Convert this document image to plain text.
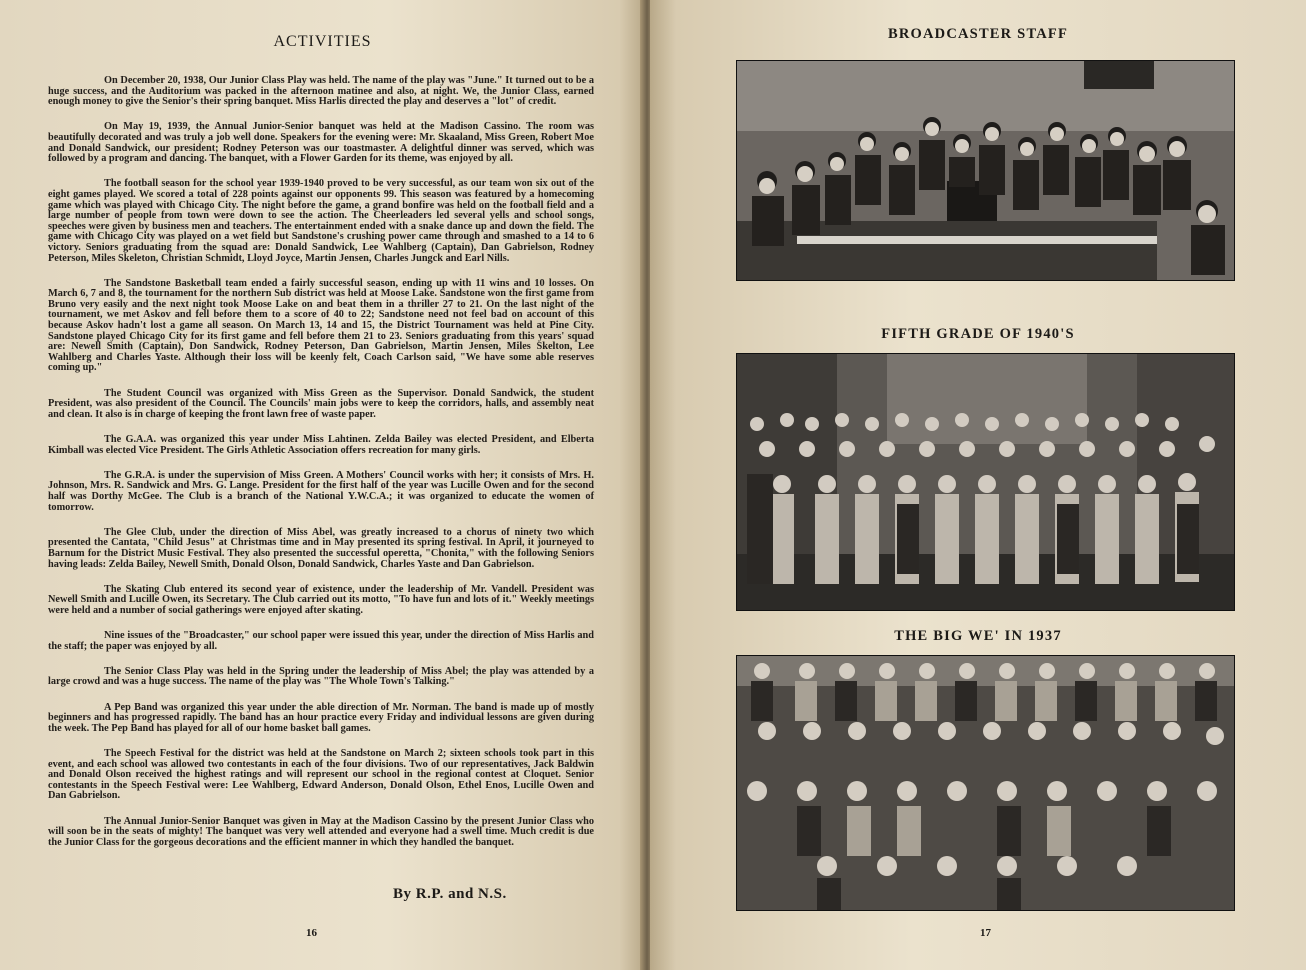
ACTIVITIES

On December 20, 1938, Our Junior Class Play was held. The name of the play was "June." It turned out to be a huge success, and the Auditorium was packed in the afternoon matinee and also, at night. We, the Junior Class, earned enough money to give the Senior's their spring banquet. Miss Harlis directed the play and deserves a "lot" of credit.

On May 19, 1939, the Annual Junior-Senior banquet was held at the Madison Cassino. The room was beautifully decorated and was truly a job well done. Speakers for the evening were: Mr. Skaaland, Miss Green, Robert Moe and Donald Sandwick, our president; Rodney Peterson was our toastmaster. A delightful dinner was served, which was followed by a program and dancing. The banquet, with a Flower Garden for its theme, was enjoyed by all.

The football season for the school year 1939-1940 proved to be very successful, as our team won six out of the eight games played. We scored a total of 228 points against our opponents 99. This season was featured by a homecoming game which was played with Chicago City. The night before the game, a grand bonfire was held on the football field and a large number of people from town were down to see the action. The Cheerleaders led several yells and school songs, speeches were given by business men and teachers. The entertainment ended with a snake dance up and down the field. The game with Chicago City was played on a wet field but Sandstone's crushing power came through and smashed to a 14 to 6 victory. Seniors graduating from the squad are: Donald Sandwick, Lee Wahlberg (Captain), Dan Gabrielson, Rodney Peterson, Miles Skeleton, Christian Schmidt, Lloyd Joyce, Martin Jensen, Charles Jungck and Earl Nills.

The Sandstone Basketball team ended a fairly successful season, ending up with 11 wins and 10 losses. On March 6, 7 and 8, the tournament for the northern Sub district was held at Moose Lake. Sandstone won the first game from Bruno very easily and the next night took Moose Lake on and beat them in a thriller 27 to 21. On the last night of the tournament, we met Askov and fell before them to a score of 40 to 22; Sandstone need not feel bad on account of this because Askov hadn't lost a game all season. On March 13, 14 and 15, the District Tournament was held at Pine City. Sandstone played Chicago City for its first game and fell before them 21 to 23. Seniors graduating from this years' squad are: Newell Smith (Captain), Don Sandwick, Rodney Peterson, Dan Gabrielson, Martin Jensen, Miles Skelton, Lee Wahlberg and Charles Yaste. Although their loss will be keenly felt, Coach Carlson said, "We have some able reserves coming up."

The Student Council was organized with Miss Green as the Supervisor. Donald Sandwick, the student President, was also president of the Council. The Councils' main jobs were to keep the corridors, halls, and assembly neat and clean. It also is in charge of keeping the front lawn free of waste paper.

The G.A.A. was organized this year under Miss Lahtinen. Zelda Bailey was elected President, and Elberta Kimball was elected Vice President. The Girls Athletic Association offers recreation for many girls.

The G.R.A. is under the supervision of Miss Green. A Mothers' Council works with her; it consists of Mrs. H. Johnson, Mrs. R. Sandwick and Mrs. G. Lange. President for the first half of the year was Lucille Owen and for the second half was Dorthy McGee. The Club is a branch of the National Y.W.C.A.; it was organized to educate the women of tomorrow.

The Glee Club, under the direction of Miss Abel, was greatly increased to a chorus of ninety two which presented the Cantata, "Child Jesus" at Christmas time and in May presented its spring festival. In April, it journeyed to Barnum for the District Music Festival. They also presented the successful operetta, "Chonita," with the following Seniors having leads: Zelda Bailey, Newell Smith, Donald Olson, Donald Sandwick, Charles Yaste and Dan Gabrielson.

The Skating Club entered its second year of existence, under the leadership of Mr. Vandell. President was Newell Smith and Lucille Owen, its Secretary. The Club carried out its motto, "To have fun and lots of it." Weekly meetings were held and a number of social gatherings were enjoyed after skating.

Nine issues of the "Broadcaster," our school paper were issued this year, under the direction of Miss Harlis and the staff; the paper was enjoyed by all.

The Senior Class Play was held in the Spring under the leadership of Miss Abel; the play was attended by a large crowd and was a huge success. The name of the play was "The Whole Town's Talking."

A Pep Band was organized this year under the able direction of Mr. Norman. The band is made up of mostly beginners and has progressed rapidly. The band has an hour practice every Friday and individual lessons are given during the week. The Pep Band has played for all of our home basket ball games.

The Speech Festival for the district was held at the Sandstone on March 2; sixteen schools took part in this event, and each school was allowed two contestants in each of the four divisions. Two of our representatives, Jack Baldwin and Donald Olson received the highest ratings and will represent our school in the regional contest at Cloquet. Senior contestants in the Speech Festival were: Lee Wahlberg, Edward Anderson, Donald Olson, Ethel Enos, Lucille Owen and Dan Gabrielson.

The Annual Junior-Senior Banquet was given in May at the Madison Cassino by the present Junior Class who will soon be in the seats of mighty! The banquet was very well attended and everyone had a swell time. Much credit is due the Junior Class for the gorgeous decorations and the efficient manner in which they handled the banquet.

By R.P. and N.S.
16
BROADCASTER STAFF
FIFTH GRADE OF 1940'S
THE BIG WE' IN 1937
17
